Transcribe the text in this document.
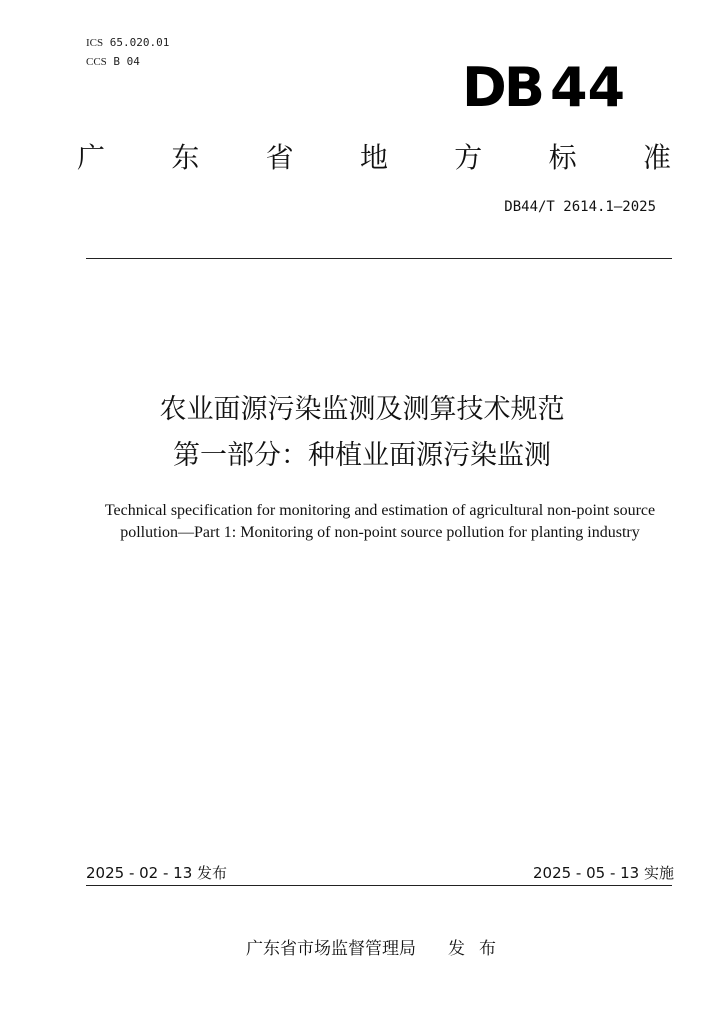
ICS 65.020.01
CCS B 04	DB 44
广 东 省 地 方 标 准
DB44/T 2614.1—2025
农业面源污染监测及测算技术规范
第一部分：种植业面源污染监测
Technical specification for monitoring and estimation of agricultural non-point source pollution—Part 1: Monitoring of non-point source pollution for planting industry
2025 - 02 - 13 发布	2025 - 05 - 13 实施
广东省市场监督管理局 发布
